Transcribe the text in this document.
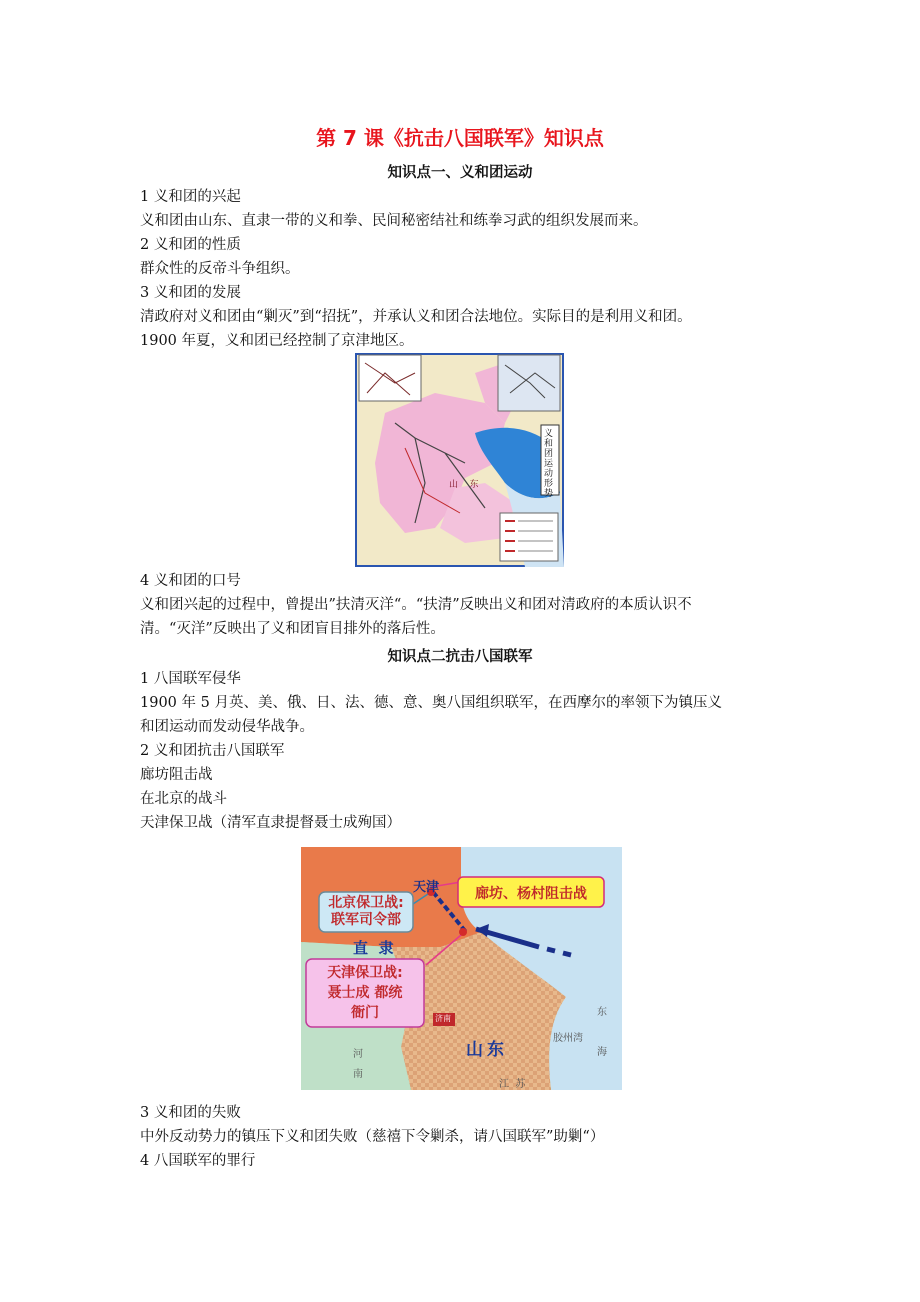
第 7 课《抗击八国联军》知识点
知识点一、义和团运动
1 义和团的兴起
义和团由山东、直隶一带的义和拳、民间秘密结社和练拳习武的组织发展而来。
2 义和团的性质
群众性的反帝斗争组织。
3 义和团的发展
清政府对义和团由“剿灭”到“招抚”，并承认义和团合法地位。实际目的是利用义和团。
1900 年夏，义和团已经控制了京津地区。
义和团运动形势
山    东
4 义和团的口号
义和团兴起的过程中，曾提出”扶清灭洋“。“扶清”反映出义和团对清政府的本质认识不
清。“灭洋”反映出了义和团盲目排外的落后性。
知识点二抗击八国联军
1 八国联军侵华
1900 年 5 月英、美、俄、日、法、德、意、奥八国组织联军，在西摩尔的率领下为镇压义
和团运动而发动侵华战争。
2 义和团抗击八国联军
廊坊阻击战
在北京的战斗
天津保卫战（清军直隶提督聂士成殉国）
天津
北京保卫战:
联军司令部
廊坊、杨村阻击战
直  隶
天津保卫战:
聂士成 都统
衙门	济南
山东
胶州湾
东
海
河
南
江  苏
3 义和团的失败
中外反动势力的镇压下义和团失败（慈禧下令剿杀，请八国联军”助剿“）
4 八国联军的罪行
